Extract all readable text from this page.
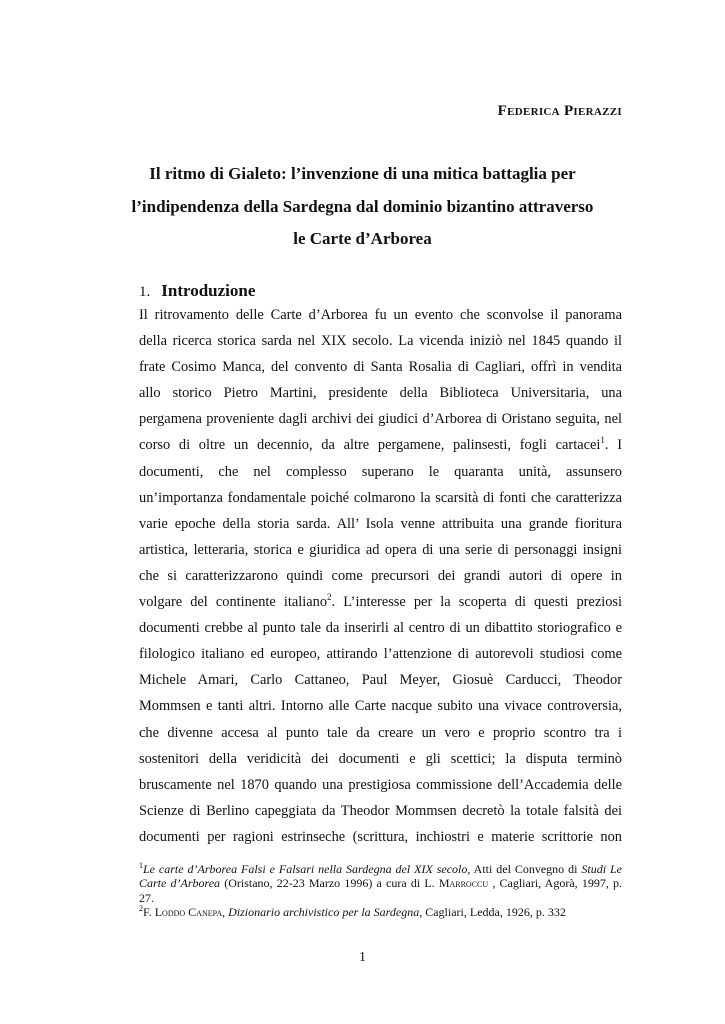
Federica Pierazzi
Il ritmo di Gialeto: l’invenzione di una mitica battaglia per
l’indipendenza della Sardegna dal dominio bizantino attraverso
le Carte d’Arborea
1. Introduzione
Il ritrovamento delle Carte d’Arborea fu un evento che sconvolse il panorama
della ricerca storica sarda nel XIX secolo. La vicenda iniziò nel 1845 quando il
frate Cosimo Manca, del convento di Santa Rosalia di Cagliari, offrì in vendita
allo storico Pietro Martini, presidente della Biblioteca Universitaria, una
pergamena proveniente dagli archivi dei giudici d’Arborea di Oristano seguita, nel
corso di oltre un decennio, da altre pergamene, palinsesti, fogli cartacei$^1$. I
documenti, che nel complesso superano le quaranta unità, assunsero
un’importanza fondamentale poiché colmarono la scarsità di fonti che caratterizza
varie epoche della storia sarda. All’ Isola venne attribuita una grande fioritura
artistica, letteraria, storica e giuridica ad opera di una serie di personaggi insigni
che si caratterizzarono quindi come precursori dei grandi autori di opere in
volgare del continente italiano$^2$. L’interesse per la scoperta di questi preziosi
documenti crebbe al punto tale da inserirli al centro di un dibattito storiografico e
filologico italiano ed europeo, attirando l’attenzione di autorevoli studiosi come
Michele Amari, Carlo Cattaneo, Paul Meyer, Giosuè Carducci, Theodor
Mommsen e tanti altri. Intorno alle Carte nacque subito una vivace controversia,
che divenne accesa al punto tale da creare un vero e proprio scontro tra i
sostenitori della veridicità dei documenti e gli scettici; la disputa terminò
bruscamente nel 1870 quando una prestigiosa commissione dell’Accademia delle
Scienze di Berlino capeggiata da Theodor Mommsen decretò la totale falsità dei
documenti per ragioni estrinseche (scrittura, inchiostri e materie scrittorie non
$^1$Le carte d’Arborea Falsi e Falsari nella Sardegna del XIX secolo, Atti del Convegno di Studi Le
Carte d’Arborea (Oristano, 22-23 Marzo 1996) a cura di L. Marroccu , Cagliari, Agorà, 1997, p.
27.
$^2$F. Loddo Canepa, Dizionario archivistico per la Sardegna, Cagliari, Ledda, 1926, p. 332
1
